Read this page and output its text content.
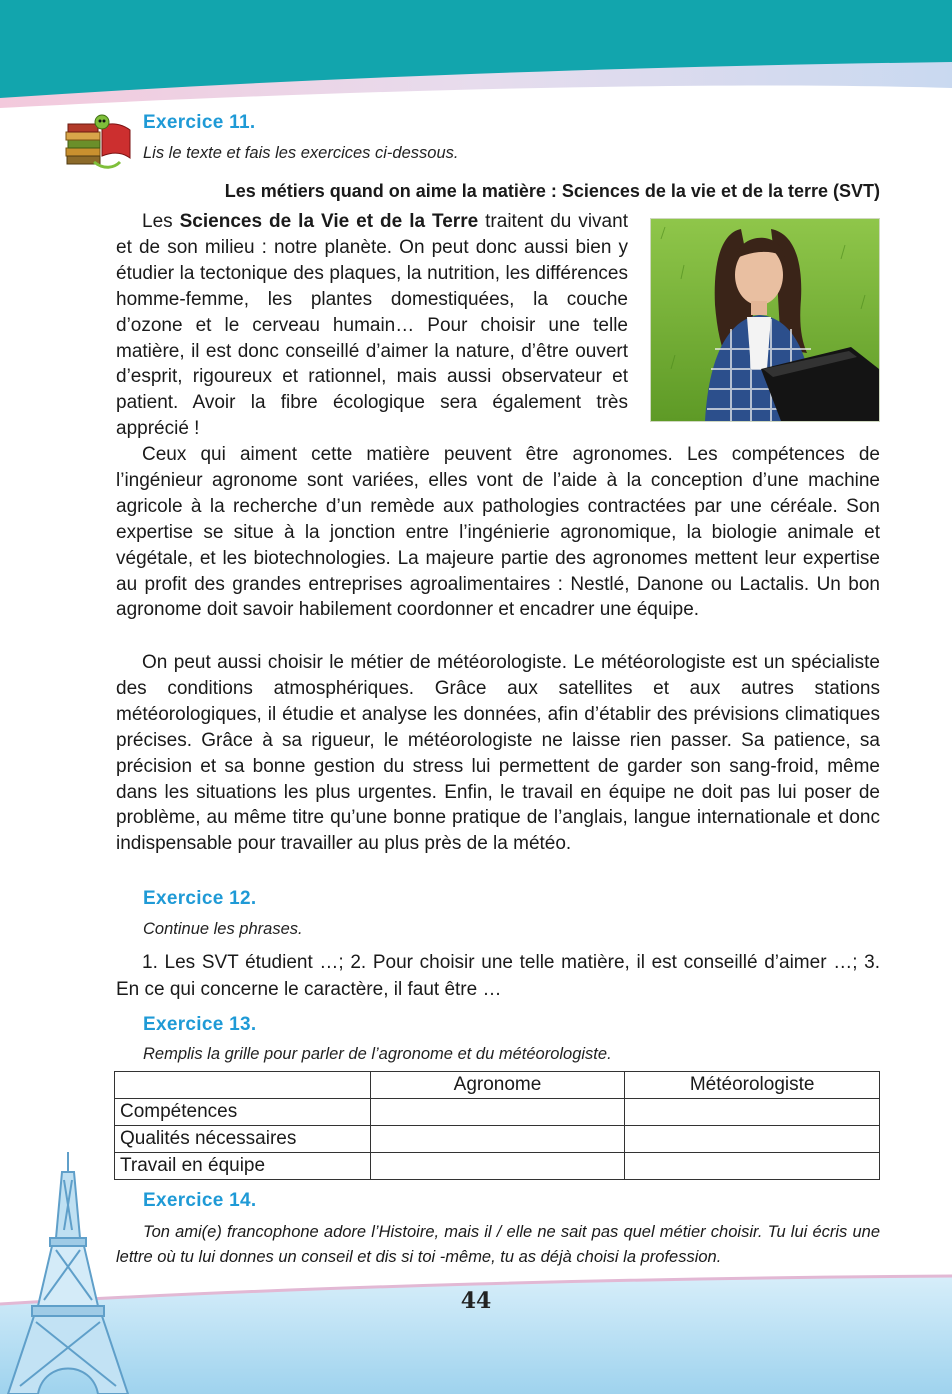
Exercice 11.

Lis le texte et fais les exercices ci-dessous.

Les métiers quand on aime la matière : Sciences de la vie et de la terre (SVT)

Les Sciences de la Vie et de la Terre traitent du vivant et de son milieu : notre planète. On peut donc aussi bien y étudier la tectonique des plaques, la nutrition, les différences homme-femme, les plantes domestiquées, la couche d’ozone et le cerveau humain… Pour choisir une telle matière, il est donc conseillé d’aimer la nature, d’être ouvert d’esprit, rigoureux et rationnel, mais aussi observateur et patient. Avoir la fibre écologique sera également très apprécié !

Ceux qui aiment cette matière peuvent être agronomes. Les compétences de l’ingénieur agronome sont variées, elles vont de l’aide à la conception d’une machine agricole à la recherche d’un remède aux pathologies contractées par une céréale. Son expertise se situe à la jonction entre l’ingénierie agronomique, la biologie animale et végétale, et les biotechnologies. La majeure partie des agronomes mettent leur expertise au profit des grandes entreprises agroalimentaires : Nestlé, Danone ou Lactalis. Un bon agronome doit savoir habilement coordonner et encadrer une équipe.

On peut aussi choisir le métier de météorologiste. Le météorologiste est un spécialiste des conditions atmosphériques. Grâce aux satellites et aux autres stations météorologiques, il étudie et analyse les données, afin d’établir des prévisions climatiques précises. Grâce à sa rigueur, le météorologiste ne laisse rien passer. Sa patience, sa précision et sa bonne gestion du stress lui permettent de garder son sang-froid, même dans les situations les plus urgentes. Enfin, le travail en équipe ne doit pas lui poser de problème, au même titre qu’une bonne pratique de l’anglais, langue internationale et donc indispensable pour travailler au plus près de la météo.

Exercice 12.

Continue les phrases.

1. Les SVT étudient …; 2. Pour choisir une telle matière, il est conseillé d’aimer …; 3. En ce qui concerne le caractère, il faut être …

Exercice 13.

Remplis la grille pour parler de l’agronome et du météorologiste.

	Agronome	Météorologiste
Compétences		
Qualités nécessaires		
Travail en équipe		

Exercice 14.

Ton ami(e) francophone adore l’Histoire, mais il / elle ne sait pas quel métier choisir. Tu lui écris une lettre où tu lui donnes un conseil et dis si toi -même, tu as déjà choisi la profession.

44
